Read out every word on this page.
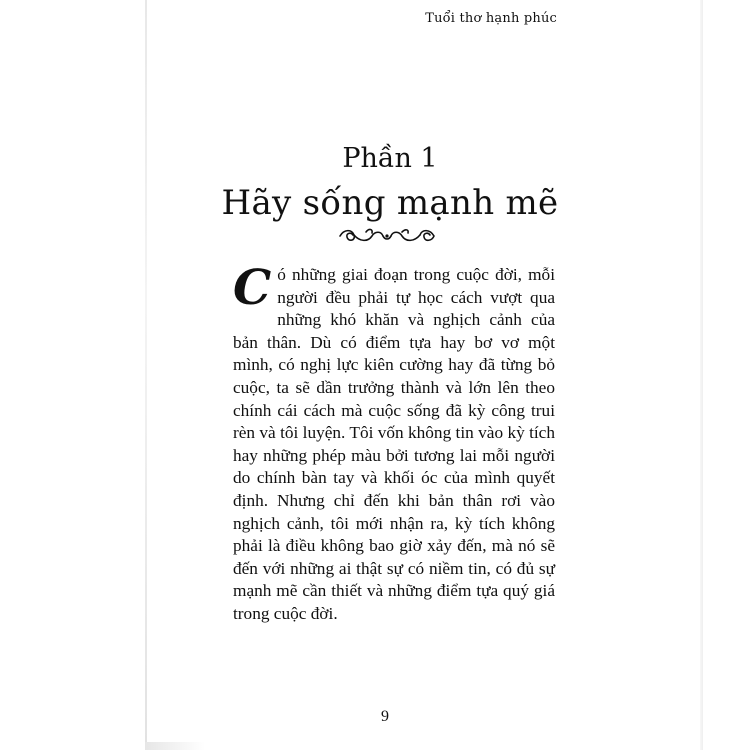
Tuổi thơ hạnh phúc
Phần 1
Hãy sống mạnh mẽ
Có những giai đoạn trong cuộc đời, mỗi người đều phải tự học cách vượt qua những khó khăn và nghịch cảnh của bản thân. Dù có điểm tựa hay bơ vơ một mình, có nghị lực kiên cường hay đã từng bỏ cuộc, ta sẽ dần trưởng thành và lớn lên theo chính cái cách mà cuộc sống đã kỳ công trui rèn và tôi luyện. Tôi vốn không tin vào kỳ tích hay những phép màu bởi tương lai mỗi người do chính bàn tay và khối óc của mình quyết định. Nhưng chỉ đến khi bản thân rơi vào nghịch cảnh, tôi mới nhận ra, kỳ tích không phải là điều không bao giờ xảy đến, mà nó sẽ đến với những ai thật sự có niềm tin, có đủ sự mạnh mẽ cần thiết và những điểm tựa quý giá trong cuộc đời.
9
